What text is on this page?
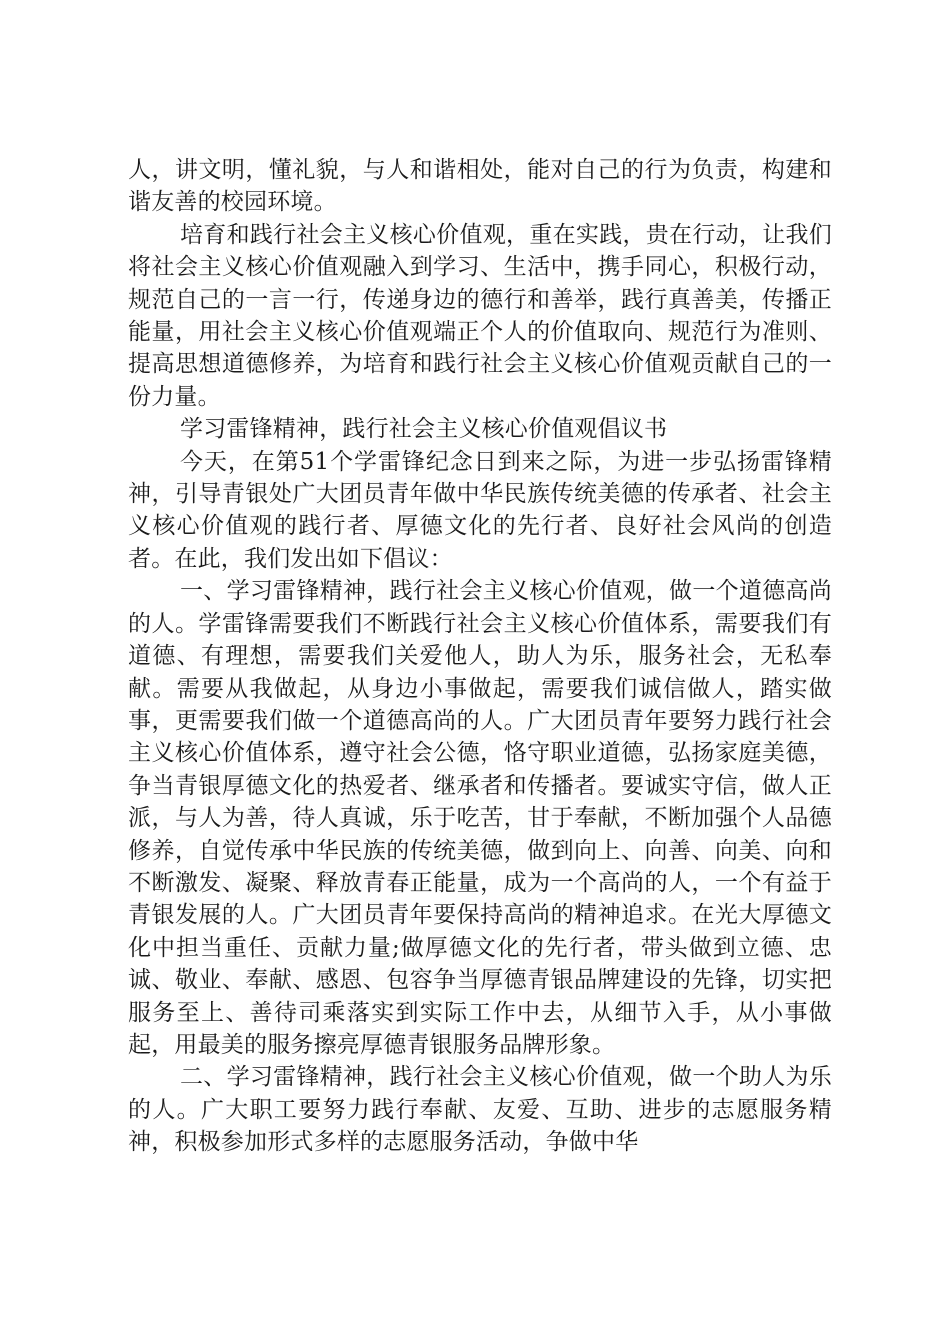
人，讲文明，懂礼貌，与人和谐相处，能对自己的行为负责，构建和谐友善的校园环境。

培育和践行社会主义核心价值观，重在实践，贵在行动，让我们将社会主义核心价值观融入到学习、生活中，携手同心，积极行动，规范自己的一言一行，传递身边的德行和善举，践行真善美，传播正能量，用社会主义核心价值观端正个人的价值取向、规范行为准则、提高思想道德修养，为培育和践行社会主义核心价值观贡献自己的一份力量。

学习雷锋精神，践行社会主义核心价值观倡议书

今天，在第51个学雷锋纪念日到来之际，为进一步弘扬雷锋精神，引导青银处广大团员青年做中华民族传统美德的传承者、社会主义核心价值观的践行者、厚德文化的先行者、良好社会风尚的创造者。在此，我们发出如下倡议：

一、学习雷锋精神，践行社会主义核心价值观，做一个道德高尚的人。学雷锋需要我们不断践行社会主义核心价值体系，需要我们有道德、有理想，需要我们关爱他人，助人为乐，服务社会，无私奉献。需要从我做起，从身边小事做起，需要我们诚信做人，踏实做事，更需要我们做一个道德高尚的人。广大团员青年要努力践行社会主义核心价值体系，遵守社会公德，恪守职业道德，弘扬家庭美德，争当青银厚德文化的热爱者、继承者和传播者。要诚实守信，做人正派，与人为善，待人真诚，乐于吃苦，甘于奉献，不断加强个人品德修养，自觉传承中华民族的传统美德，做到向上、向善、向美、向和不断激发、凝聚、释放青春正能量，成为一个高尚的人，一个有益于青银发展的人。广大团员青年要保持高尚的精神追求。在光大厚德文化中担当重任、贡献力量;做厚德文化的先行者，带头做到立德、忠诚、敬业、奉献、感恩、包容争当厚德青银品牌建设的先锋，切实把服务至上、善待司乘落实到实际工作中去，从细节入手，从小事做起，用最美的服务擦亮厚德青银服务品牌形象。

二、学习雷锋精神，践行社会主义核心价值观，做一个助人为乐的人。广大职工要努力践行奉献、友爱、互助、进步的志愿服务精神，积极参加形式多样的志愿服务活动，争做中华
